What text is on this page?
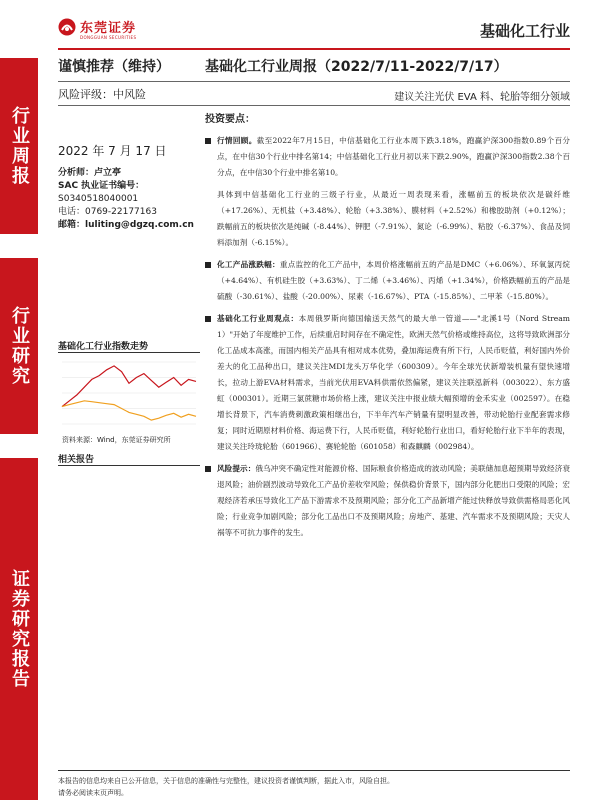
东莞证券
DONGGUAN SECURITIES	基础化工行业
行业周报
行业研究
证券研究报告
谨慎推荐（维持）
风险评级：中风险
2022 年 7 月 17 日
分析师：卢立亭
SAC 执业证书编号：
S0340518040001
电话：0769-22177163
邮箱：luliting@dgzq.com.cn
基础化工行业指数走势
资料来源：Wind，东莞证券研究所
相关报告
基础化工行业周报（2022/7/11-2022/7/17）
建议关注光伏 EVA 料、轮胎等细分领域
投资要点：

行情回顾。截至2022年7月15日，中信基础化工行业本周下跌3.18%，跑赢沪深300指数0.89个百分点，在中信30个行业中排名第14；中信基础化工行业月初以来下跌2.90%，跑赢沪深300指数2.38个百分点，在中信30个行业中排名第10。

具体到中信基础化工行业的三级子行业，从最近一周表现来看，涨幅前五的板块依次是碳纤维（+17.26%）、无机盐（+3.48%）、轮胎（+3.38%）、膜材料（+2.52%）和橡胶助剂（+0.12%）；跌幅前五的板块依次是纯碱（-8.44%）、钾肥（-7.91%）、氮论（-6.99%）、粘胶（-6.37%）、食品及饲料添加剂（-6.15%）。

化工产品涨跌幅：重点监控的化工产品中，本周价格涨幅前五的产品是DMC（+6.06%）、环氧氯丙烷（+4.64%）、有机硅生胶（+3.63%）、丁二烯（+3.46%）、丙烯（+1.34%），价格跌幅前五的产品是硫酸（-30.61%）、盐酸（-20.00%）、尿素（-16.67%）、PTA（-15.85%）、二甲苯（-15.80%）。

基础化工行业周观点：本周俄罗斯向德国输送天然气的最大单一管道——"北溪1号（Nord Stream 1）"开始了年度维护工作，后续重启时间存在不确定性，欧洲天然气价格或维持高位，这将导致欧洲部分化工品成本高涨，而国内相关产品具有相对成本优势，叠加海运费有所下行，人民币贬值，利好国内外价差大的化工品种出口，建议关注MDI龙头万华化学（600309）。今年全球光伏新增装机量有望快速增长，拉动上游EVA材料需求，当前光伏用EVA料供需依然偏紧，建议关注联泓新科（003022）、东方盛虹（000301）。近期三氯蔗糖市场价格上涨，建议关注中报业绩大幅预增的金禾实业（002597）。在稳增长背景下，汽车消费刺激政策相继出台，下半年汽车产销量有望明显改善，带动轮胎行业配套需求修复；同时近期原材料价格、海运费下行，人民币贬值，利好轮胎行业出口，看好轮胎行业下半年的表现，建议关注玲珑轮胎（601966）、赛轮轮胎（601058）和森麒麟（002984）。

风险提示：俄乌冲突不确定性对能源价格、国际粮食价格造成的波动风险；美联储加息超预期导致经济衰退风险；油价剧烈波动导致化工产品价差收窄风险；保供稳价背景下，国内部分化肥出口受限的风险；宏观经济若承压导致化工产品下游需求不及预期风险；部分化工产品新增产能过快释放导致供需格局恶化风险；行业竞争加剧风险；部分化工品出口不及预期风险；房地产、基建、汽车需求不及预期风险；天灾人祸等不可抗力事件的发生。

本报告的信息均来自已公开信息，关于信息的准确性与完整性，建议投资者谨慎判断，据此入市，风险自担。
请务必阅读末页声明。
